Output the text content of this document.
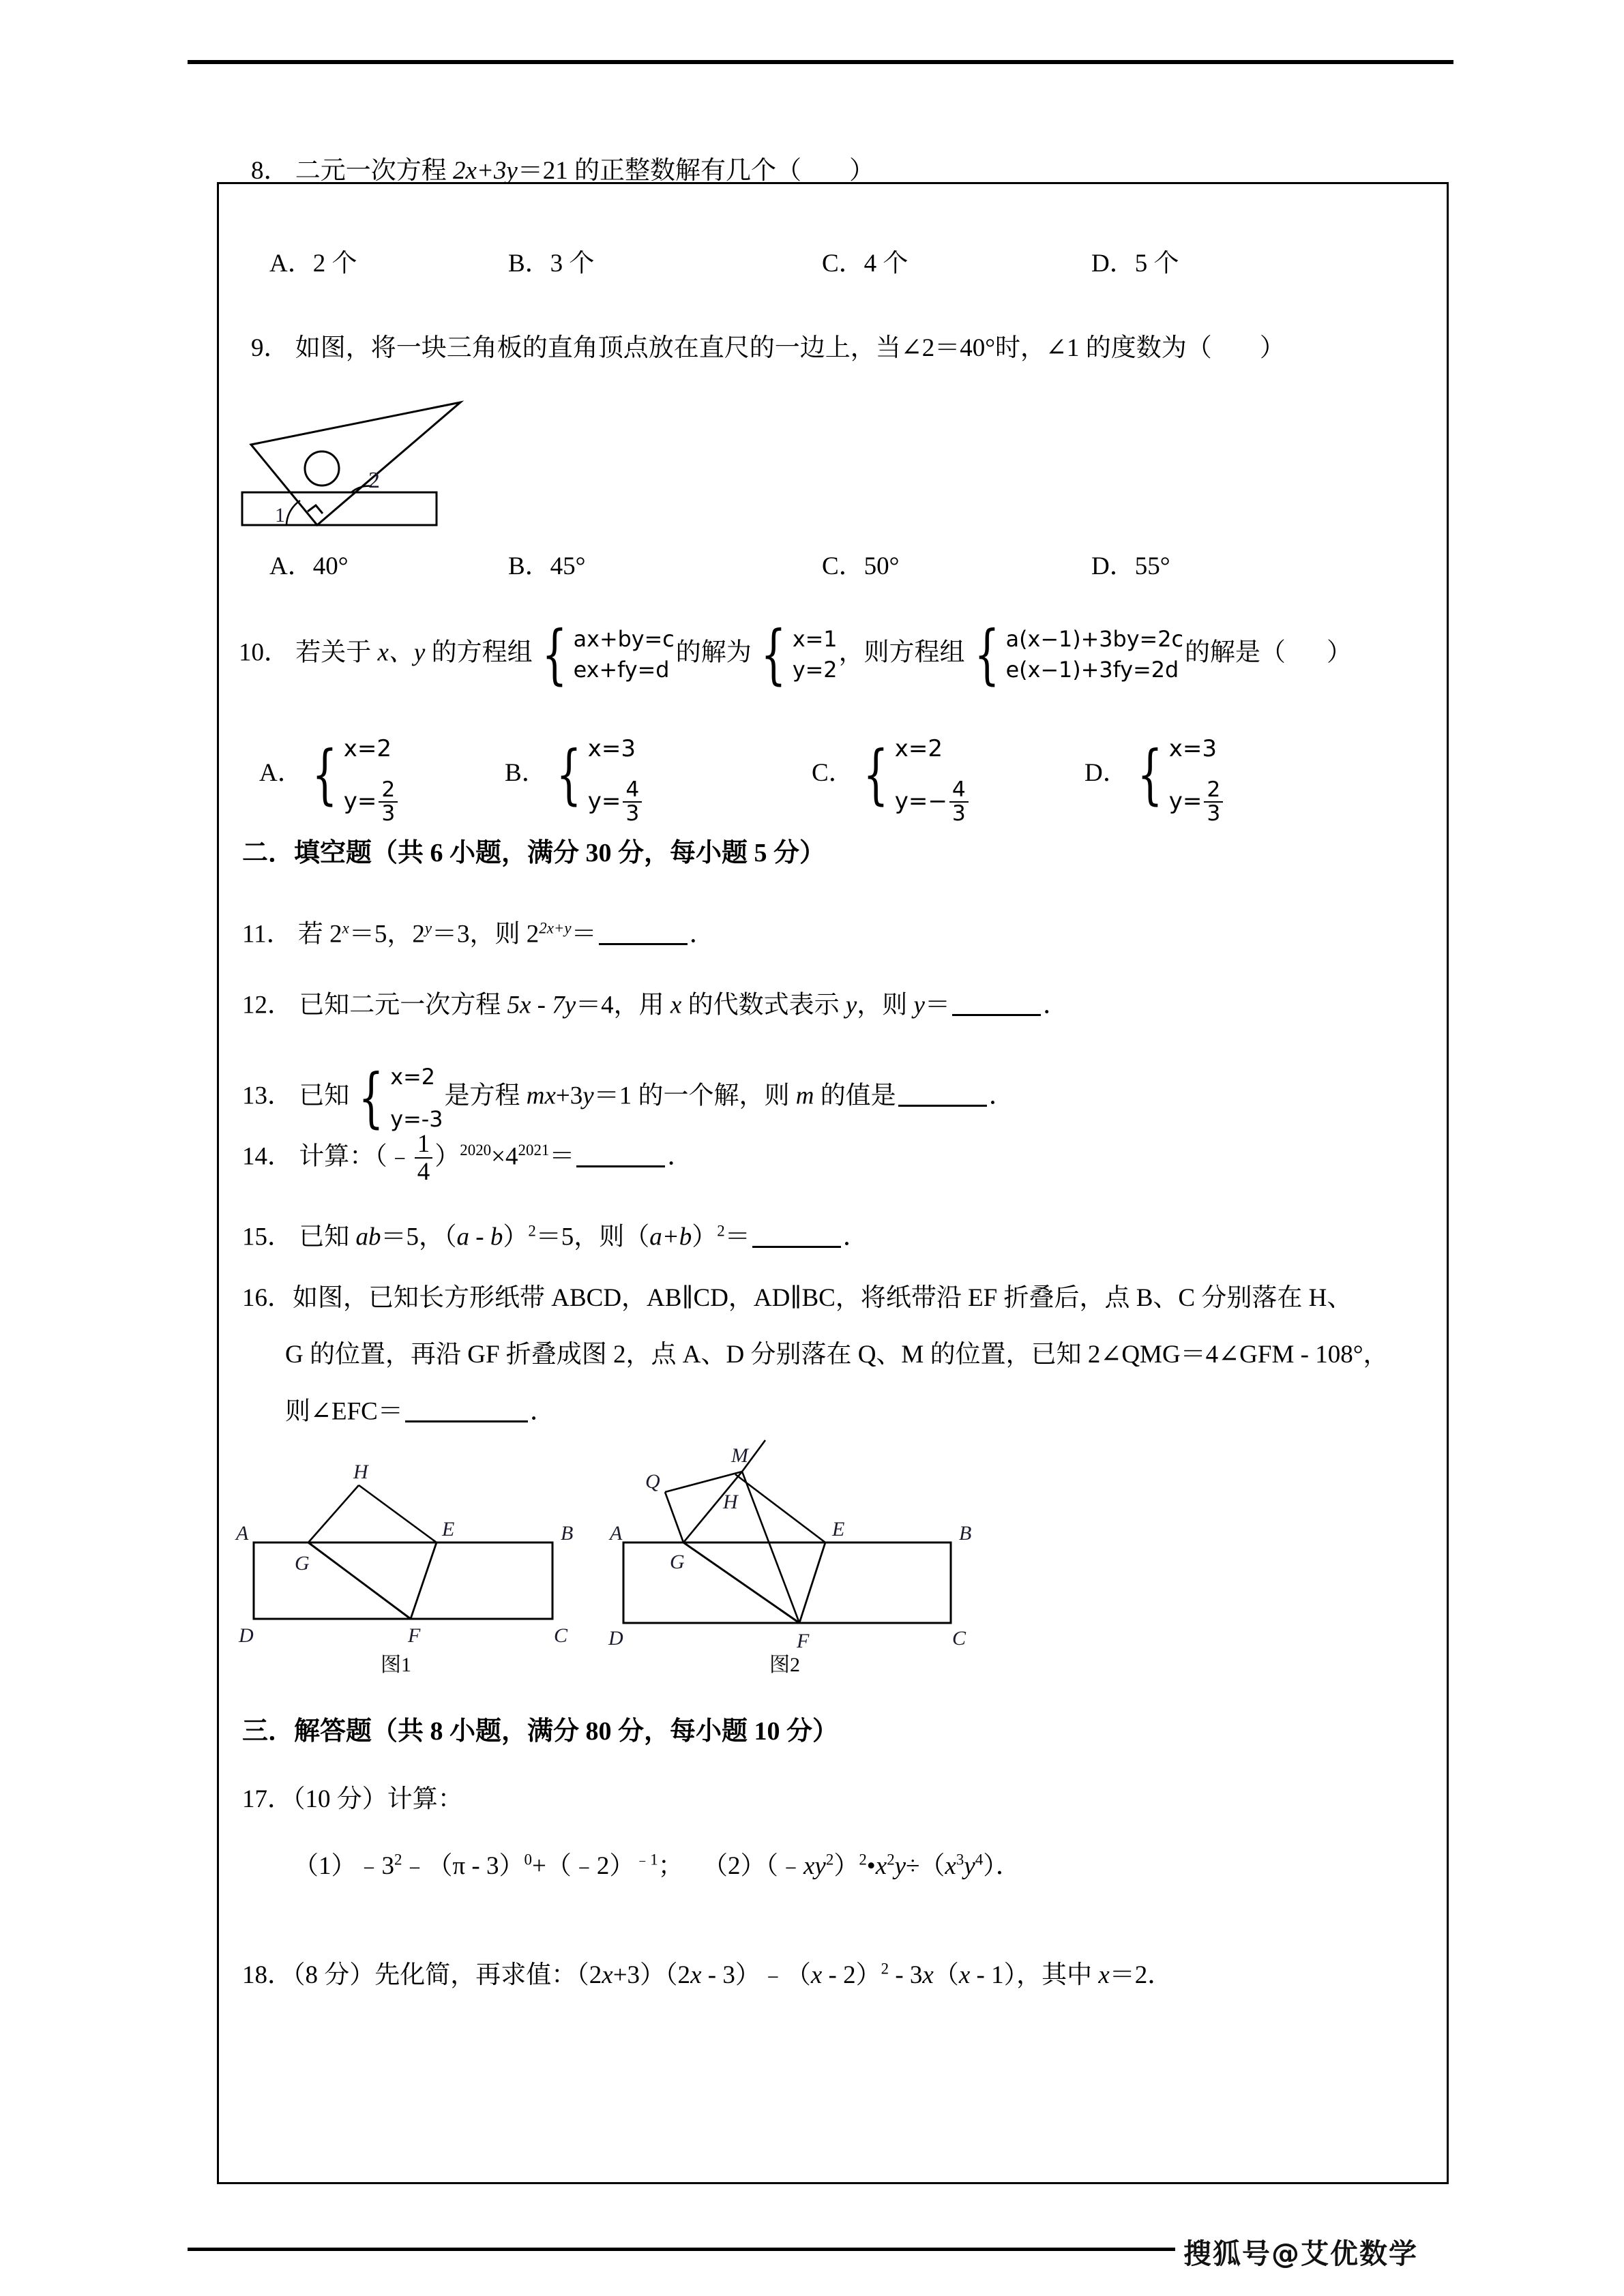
8． 二元一次方程 2x+3y＝21 的正整数解有几个（ ）
A．2 个	B．3 个	C．4 个	D．5 个
9． 如图，将一块三角板的直角顶点放在直尺的一边上，当∠2＝40°时，∠1 的度数为（ ）
1
2
A．40°	B．45°	C．50°	D．55°
10． 若关于 x、y 的方程组 { ax+by=c
ex+fy=d
的解为 { x=1
y=2
，则方程组 { a(x−1)+3by=2c
e(x−1)+3fy=2d
的解是（ ）
A． { x=2
$y= \frac{2}{3}$
B． { x=3
$y= \frac{4}{3}$
C． { x=2
$y=- \frac{4}{3}$
D． { x=3
$y= \frac{2}{3}$
二．填空题（共 6 小题，满分 30 分，每小题 5 分）
11． 若 $2^x=5$，$2^y=3$，则 $2^{2x+y}=$	．
12． 已知二元一次方程 5x - 7y＝4，用 x 的代数式表示 y，则 y＝	．
13． 已知 { x=2
y=-3
是方程 mx+3y＝1 的一个解，则 m 的值是	．
14． 计算：（﹣ $\frac{1}{4} )^{2020}\times 4^{2021}=$	．
15． 已知 ab＝5，（a - b）$^2$＝5，则$(a+b)^2=$	．
16．如图，已知长方形纸带 ABCD，AB∥CD，AD∥BC，将纸带沿 EF 折叠后，点 B、C 分别落在 H、
G 的位置，再沿 GF 折叠成图 2，点 A、D 分别落在 Q、M 的位置，已知 2∠QMG＝4∠GFM - 108°，
则∠EFC＝	．
A	B
C
D
E
F
G
H
图1
A	B
C
D
E
F
G
H
M
Q
图2
三．解答题（共 8 小题，满分 80 分，每小题 10 分）
17．（10 分）计算：
$(1)﹣3^2﹣(\pi$ - 3）$^0$+（﹣2）$^{﹣1}$； $(2)(﹣xy^2)^2•x^2y\div(x^3y^4)$．
18．（8 分）先化简，再求值：（2x+3）（2x - 3）﹣（x - 2）$^2$ - 3x（x - 1），其中 x＝2．
搜狐号@艾优数学
